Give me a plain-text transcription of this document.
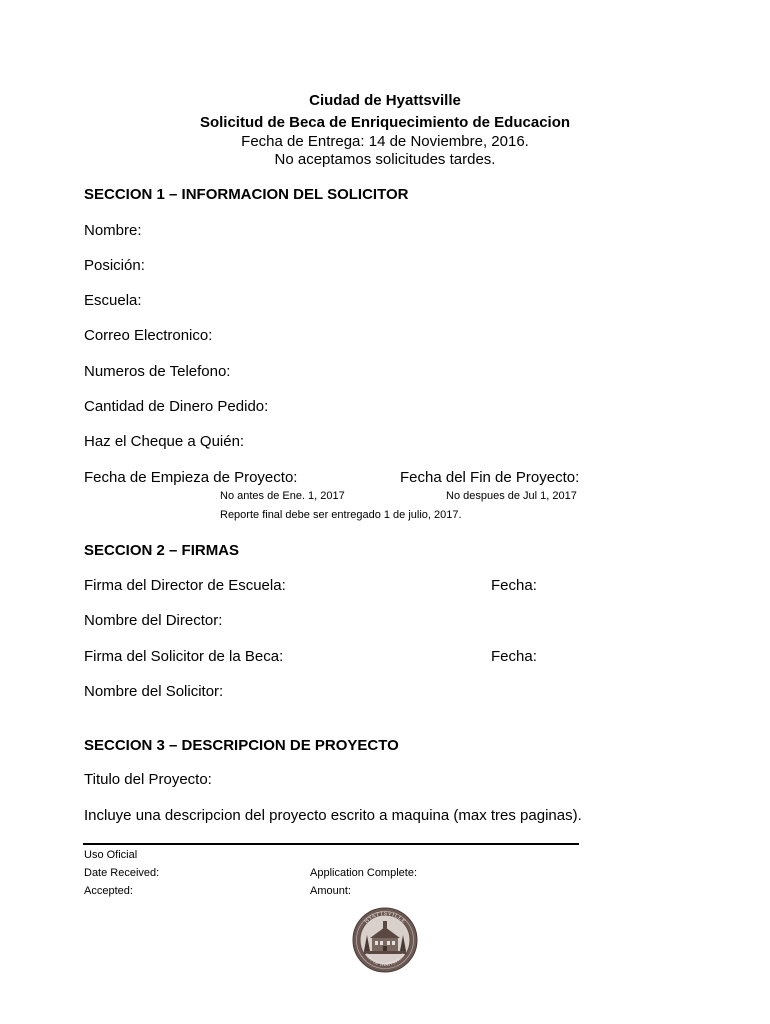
Ciudad de Hyattsville
Solicitud de Beca de Enriquecimiento de Educacion
Fecha de Entrega: 14 de Noviembre, 2016.
No aceptamos solicitudes tardes.
SECCION 1 – INFORMACION DEL SOLICITOR
Nombre:
Posición:
Escuela:
Correo Electronico:
Numeros de Telefono:
Cantidad de Dinero Pedido:
Haz el Cheque a Quién:
Fecha de Empieza de Proyecto:	Fecha del Fin de Proyecto:
No antes de Ene. 1, 2017	No despues de Jul 1, 2017
Reporte final debe ser entregado 1 de julio, 2017.
SECCION 2 – FIRMAS
Firma del Director de Escuela:	Fecha:
Nombre del Director:
Firma del Solicitor de la Beca:	Fecha:
Nombre del Solicitor:
SECCION 3 – DESCRIPCION DE PROYECTO
Titulo del Proyecto:
Incluye una descripcion del proyecto escrito a maquina (max tres paginas).
Uso Oficial
Date Received:	Application Complete:
Accepted:	Amount:
HYATTSVILLE
CITY OF HYATTSVILLE
